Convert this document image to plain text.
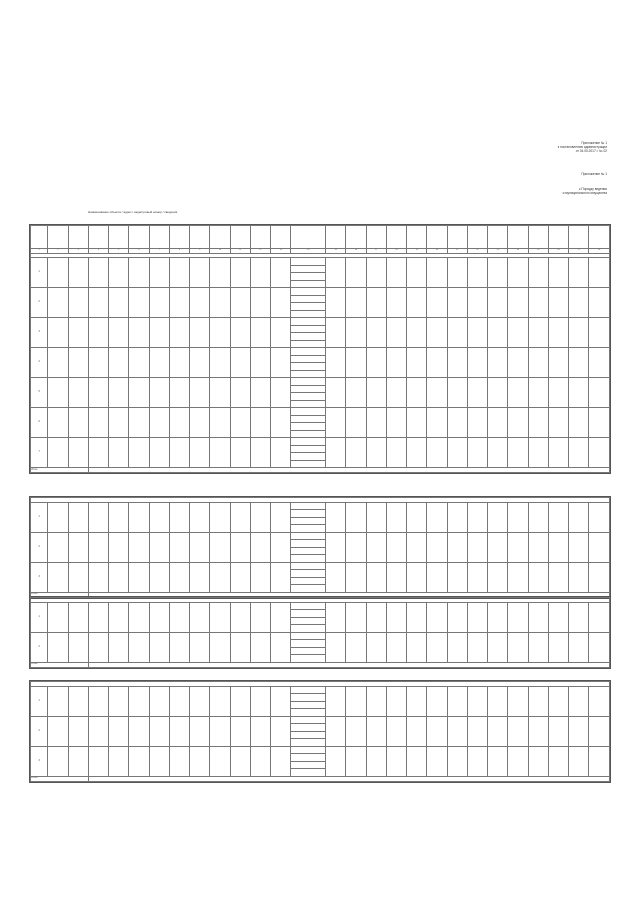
Приложение № 1
к постановлению администрации
от 04.05.2017 г. № 02
Приложение № 1
к Порядку ведения
и муниципального имущества
Наименование объекта / адрес / кадастровый номер / сведения

1	2	3	4	5	6	7	8	9	10	11	12	13	14	15	16	17	18	19	20	21	22	23	24	25	26	27	28

1																											

2																											

3																											

4																											

5																											

6																											

7																											

Итого																											

1																											

2																											

3																											

Итого																											

1																											

2																											

Итого																											

1																											

2																											

3																											

Итого																											
